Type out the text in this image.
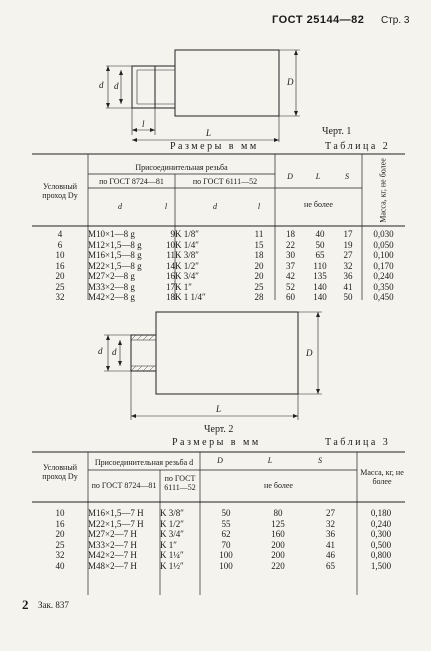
ГОСТ 25144—82 Стр. 3
d d	D
l
L	Черт. 1
Размеры в мм	Таблица 2
Условный проход Dy
Присоединительная резьба
по ГОСТ 8724—81	по ГОСТ 6111—52
d	l	d	l
D	L	S
не более	Масса, кг, не более
4	M10×1—8 g	9	K 1/8″	11	18	40	17	0,030
6	M12×1,5—8 g	10	K 1/4″	15	22	50	19	0,050
10	M16×1,5—8 g	11	K 3/8″	18	30	65	27	0,100
16	M22×1,5—8 g	14	K 1/2″	20	37	110	32	0,170
20	M27×2—8 g	16	K 3/4″	20	42	135	36	0,240
25	M33×2—8 g	17	K 1″	25	52	140	41	0,350
32	M42×2—8 g	18	K 1 1/4″	28	60	140	50	0,450
d d	D
L
Черт. 2
Размеры в мм	Таблица 3
Условный проход Dy
Присоединительная резьба d
по ГОСТ 8724—81
по ГОСТ 6111—52
D	L	S
не более
Масса, кг, не более
10	M16×1,5—7 H	K 3/8″	50	80	27	0,180
16	M22×1,5—7 H	K 1/2″	55	125	32	0,240
20	M27×2—7 H	K 3/4″	62	160	36	0,300
25	M33×2—7 H	K 1″	70	200	41	0,500
32	M42×2—7 H	K 1¼″	100	200	46	0,800
40	M48×2—7 H	K 1½″	100	220	65	1,500
2 Зак. 837
